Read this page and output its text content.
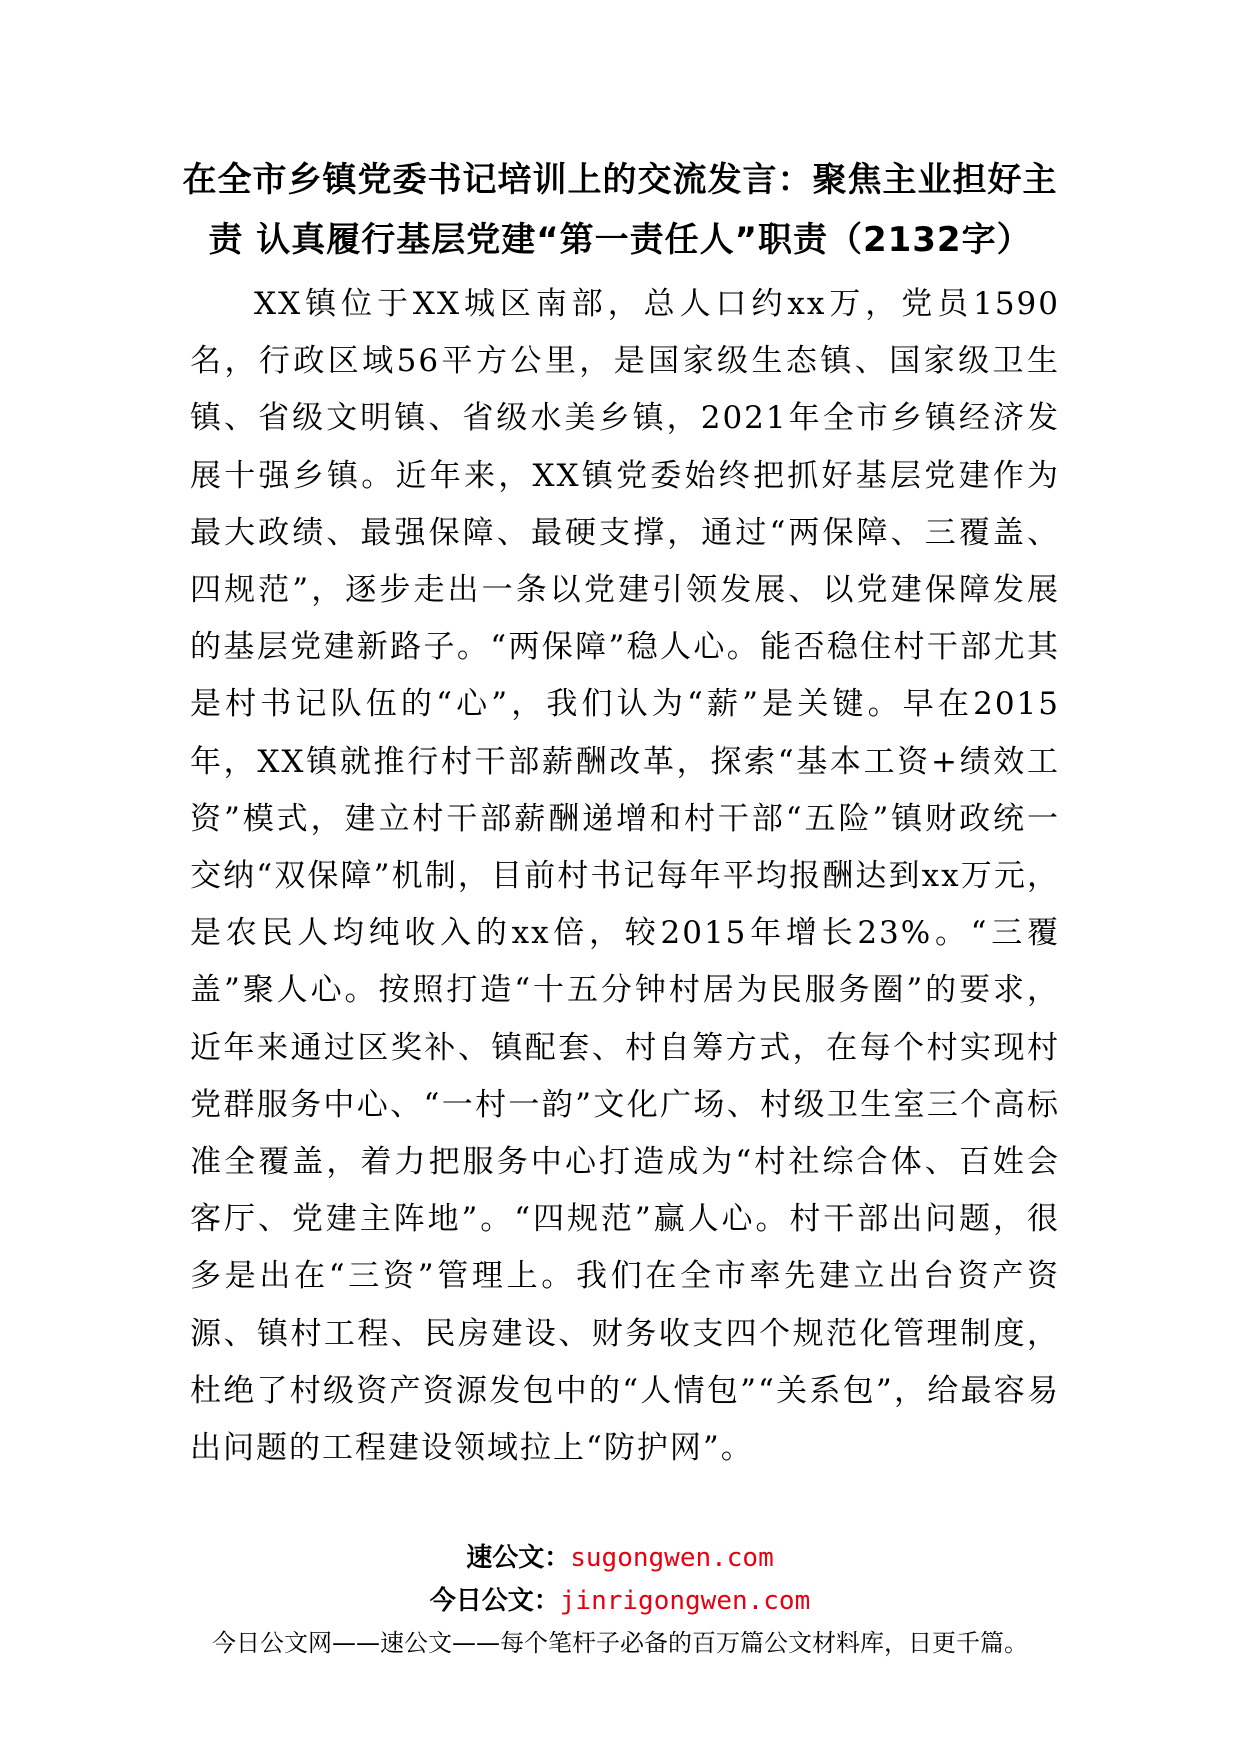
在全市乡镇党委书记培训上的交流发言：聚焦主业担好主
责 认真履行基层党建“第一责任人”职责（2132字）
XX镇位于XX城区南部，总人口约xx万，党员1590名，行政区域56平方公里，是国家级生态镇、国家级卫生镇、省级文明镇、省级水美乡镇，2021年全市乡镇经济发展十强乡镇。近年来，XX镇党委始终把抓好基层党建作为最大政绩、最强保障、最硬支撑，通过“两保障、三覆盖、四规范”，逐步走出一条以党建引领发展、以党建保障发展的基层党建新路子。“两保障”稳人心。能否稳住村干部尤其是村书记队伍的“心”，我们认为“薪”是关键。早在2015年，XX镇就推行村干部薪酬改革，探索“基本工资+绩效工资”模式，建立村干部薪酬递增和村干部“五险”镇财政统一交纳“双保障”机制，目前村书记每年平均报酬达到xx万元，是农民人均纯收入的xx倍，较2015年增长23%。“三覆盖”聚人心。按照打造“十五分钟村居为民服务圈”的要求，近年来通过区奖补、镇配套、村自筹方式，在每个村实现村党群服务中心、“一村一韵”文化广场、村级卫生室三个高标准全覆盖，着力把服务中心打造成为“村社综合体、百姓会客厅、党建主阵地”。“四规范”赢人心。村干部出问题，很多是出在“三资”管理上。我们在全市率先建立出台资产资源、镇村工程、民房建设、财务收支四个规范化管理制度，杜绝了村级资产资源发包中的“人情包”“关系包”，给最容易出问题的工程建设领域拉上“防护网”。
速公文：sugongwen.com
今日公文：jinrigongwen.com
今日公文网——速公文——每个笔杆子必备的百万篇公文材料库，日更千篇。
